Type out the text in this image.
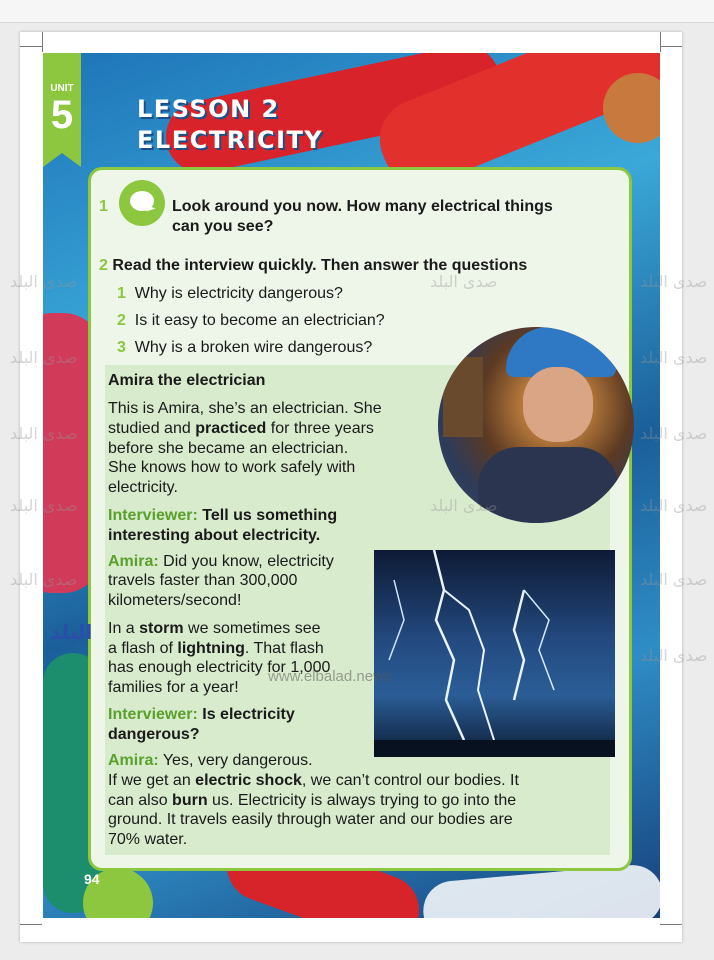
UNIT
5	LESSON 2
ELECTRICITY
1	Look around you now. How many electrical things
can you see?
2 Read the interview quickly. Then answer the questions
1 Why is electricity dangerous?
2 Is it easy to become an electrician?
3 Why is a broken wire dangerous?
Amira the electrician
This is Amira, she’s an electrician. She
studied and practiced for three years
before she became an electrician.
She knows how to work safely with
electricity.
Interviewer: Tell us something
interesting about electricity.
Amira: Did you know, electricity
travels faster than 300,000
kilometers/second!
In a storm we sometimes see
a flash of lightning. That flash
has enough electricity for 1,000
families for a year!
Interviewer: Is electricity
dangerous?
Amira: Yes, very dangerous.
If we get an electric shock, we can’t control our bodies. It
can also burn us. Electricity is always trying to go into the
ground. It travels easily through water and our bodies are
70% water.
94
صدى البلد
صدى البلد
صدى البلد
صدى البلد
صدى البلد
صدى البلد
صدى البلد
صدى البلد
صدى البلد
صدى البلد
صدى البلد
صدى البلد
صدى البلد
البلد
www.elbalad.news
